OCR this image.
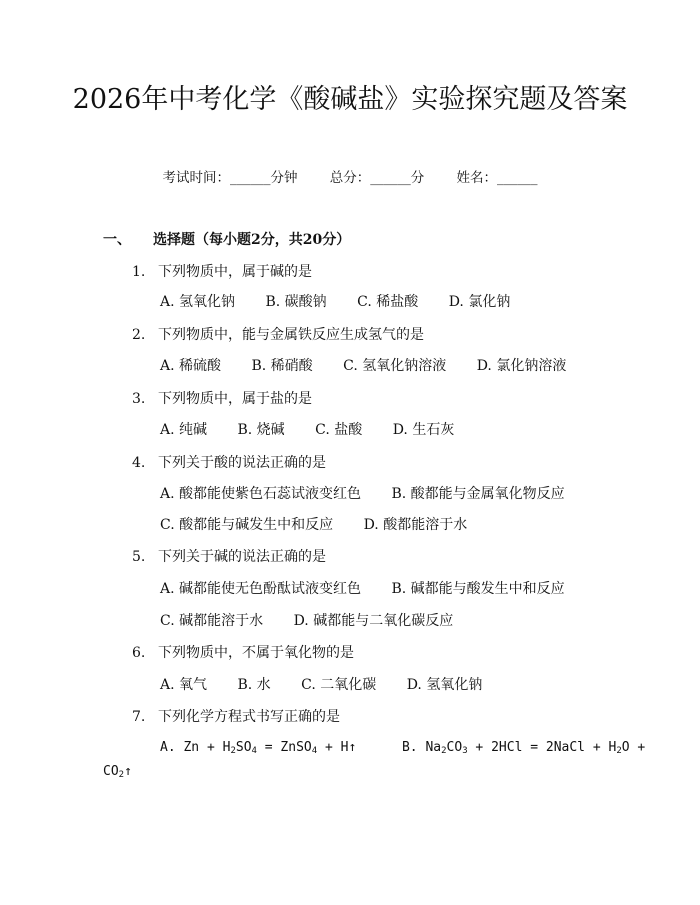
2026年中考化学《酸碱盐》实验探究题及答案
考试时间：______分钟 总分：______分 姓名：______
一、 选择题（每小题2分，共20分）
1. 下列物质中，属于碱的是
A. 氢氧化钠 B. 碳酸钠 C. 稀盐酸 D. 氯化钠
2. 下列物质中，能与金属铁反应生成氢气的是
A. 稀硫酸 B. 稀硝酸 C. 氢氧化钠溶液 D. 氯化钠溶液
3. 下列物质中，属于盐的是
A. 纯碱 B. 烧碱 C. 盐酸 D. 生石灰
4. 下列关于酸的说法正确的是
A. 酸都能使紫色石蕊试液变红色 B. 酸都能与金属氧化物反应
C. 酸都能与碱发生中和反应 D. 酸都能溶于水
5. 下列关于碱的说法正确的是
A. 碱都能使无色酚酞试液变红色 B. 碱都能与酸发生中和反应
C. 碱都能溶于水 D. 碱都能与二氧化碳反应
6. 下列物质中，不属于氧化物的是
A. 氧气 B. 水 C. 二氧化碳 D. 氢氧化钠
7. 下列化学方程式书写正确的是
A. $Zn + H_2SO_4$ = ZnSO$_4$ + H↑	B. $Na_2CO_3 + 2HCl$ = 2NaCl + $H_2O$ +
$CO_2↑$
